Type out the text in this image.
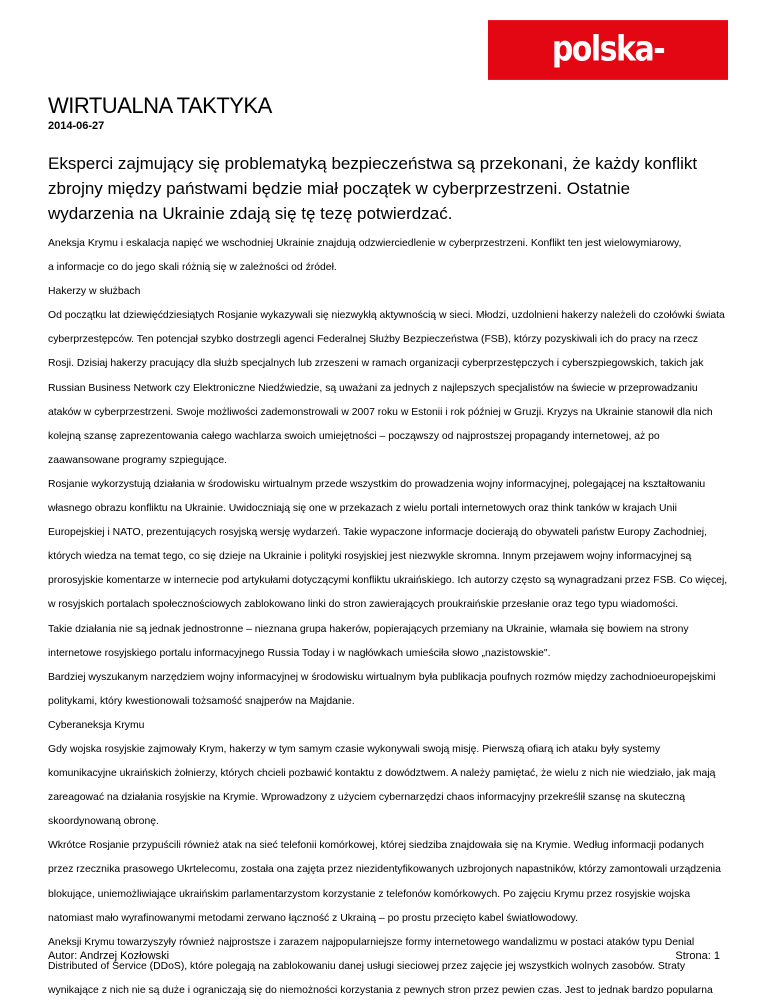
polska-zbrojna.pl
WIRTUALNA TAKTYKA
2014-06-27

Eksperci zajmujący się problematyką bezpieczeństwa są przekonani, że każdy konflikt zbrojny między państwami będzie miał początek w cyberprzestrzeni. Ostatnie wydarzenia na Ukrainie zdają się tę tezę potwierdzać.

Aneksja Krymu i eskalacja napięć we wschodniej Ukrainie znajdują odzwierciedlenie w cyberprzestrzeni. Konflikt ten jest wielowymiarowy,

a informacje co do jego skali różnią się w zależności od źródeł.

Hakerzy w służbach

Od początku lat dziewięćdziesiątych Rosjanie wykazywali się niezwykłą aktywnością w sieci. Młodzi, uzdolnieni hakerzy należeli do czołówki świata

cyberprzestępców. Ten potencjał szybko dostrzegli agenci Federalnej Służby Bezpieczeństwa (FSB), którzy pozyskiwali ich do pracy na rzecz

Rosji. Dzisiaj hakerzy pracujący dla służb specjalnych lub zrzeszeni w ramach organizacji cyberprzestępczych i cyberszpiegowskich, takich jak

Russian Business Network czy Elektroniczne Niedźwiedzie, są uważani za jednych z najlepszych specjalistów na świecie w przeprowadzaniu

ataków w cyberprzestrzeni. Swoje możliwości zademonstrowali w 2007 roku w Estonii i rok później w Gruzji. Kryzys na Ukrainie stanowił dla nich

kolejną szansę zaprezentowania całego wachlarza swoich umiejętności – począwszy od najprostszej propagandy internetowej, aż po

zaawansowane programy szpiegujące.

Rosjanie wykorzystują działania w środowisku wirtualnym przede wszystkim do prowadzenia wojny informacyjnej, polegającej na kształtowaniu

własnego obrazu konfliktu na Ukrainie. Uwidoczniają się one w przekazach z wielu portali internetowych oraz think tanków w krajach Unii

Europejskiej i NATO, prezentujących rosyjską wersję wydarzeń. Takie wypaczone informacje docierają do obywateli państw Europy Zachodniej,

których wiedza na temat tego, co się dzieje na Ukrainie i polityki rosyjskiej jest niezwykle skromna. Innym przejawem wojny informacyjnej są

prorosyjskie komentarze w internecie pod artykułami dotyczącymi konfliktu ukraińskiego. Ich autorzy często są wynagradzani przez FSB. Co więcej,

w rosyjskich portalach społecznościowych zablokowano linki do stron zawierających proukraińskie przesłanie oraz tego typu wiadomości.

Takie działania nie są jednak jednostronne – nieznana grupa hakerów, popierających przemiany na Ukrainie, włamała się bowiem na strony

internetowe rosyjskiego portalu informacyjnego Russia Today i w nagłówkach umieściła słowo „nazistowskie".

Bardziej wyszukanym narzędziem wojny informacyjnej w środowisku wirtualnym była publikacja poufnych rozmów między zachodnioeuropejskimi

politykami, który kwestionowali tożsamość snajperów na Majdanie.

Cyberaneksja Krymu

Gdy wojska rosyjskie zajmowały Krym, hakerzy w tym samym czasie wykonywali swoją misję. Pierwszą ofiarą ich ataku były systemy

komunikacyjne ukraińskich żołnierzy, których chcieli pozbawić kontaktu z dowództwem. A należy pamiętać, że wielu z nich nie wiedziało, jak mają

zareagować na działania rosyjskie na Krymie. Wprowadzony z użyciem cybernarzędzi chaos informacyjny przekreślił szansę na skuteczną

skoordynowaną obronę.

Wkrótce Rosjanie przypuścili również atak na sieć telefonii komórkowej, której siedziba znajdowała się na Krymie. Według informacji podanych

przez rzecznika prasowego Ukrtelecomu, została ona zajęta przez niezidentyfikowanych uzbrojonych napastników, którzy zamontowali urządzenia

blokujące, uniemożliwiające ukraińskim parlamentarzystom korzystanie z telefonów komórkowych. Po zajęciu Krymu przez rosyjskie wojska

natomiast mało wyrafinowanymi metodami zerwano łączność z Ukrainą – po prostu przecięto kabel światłowodowy.

Aneksji Krymu towarzyszyły również najprostsze i zarazem najpopularniejsze formy internetowego wandalizmu w postaci ataków typu Denial

Distributed of Service (DDoS), które polegają na zablokowaniu danej usługi sieciowej przez zajęcie jej wszystkich wolnych zasobów. Straty

wynikające z nich nie są duże i ograniczają się do niemożności korzystania z pewnych stron przez pewien czas. Jest to jednak bardzo popularna

Autor: Andrzej Kozłowski	Strona: 1
